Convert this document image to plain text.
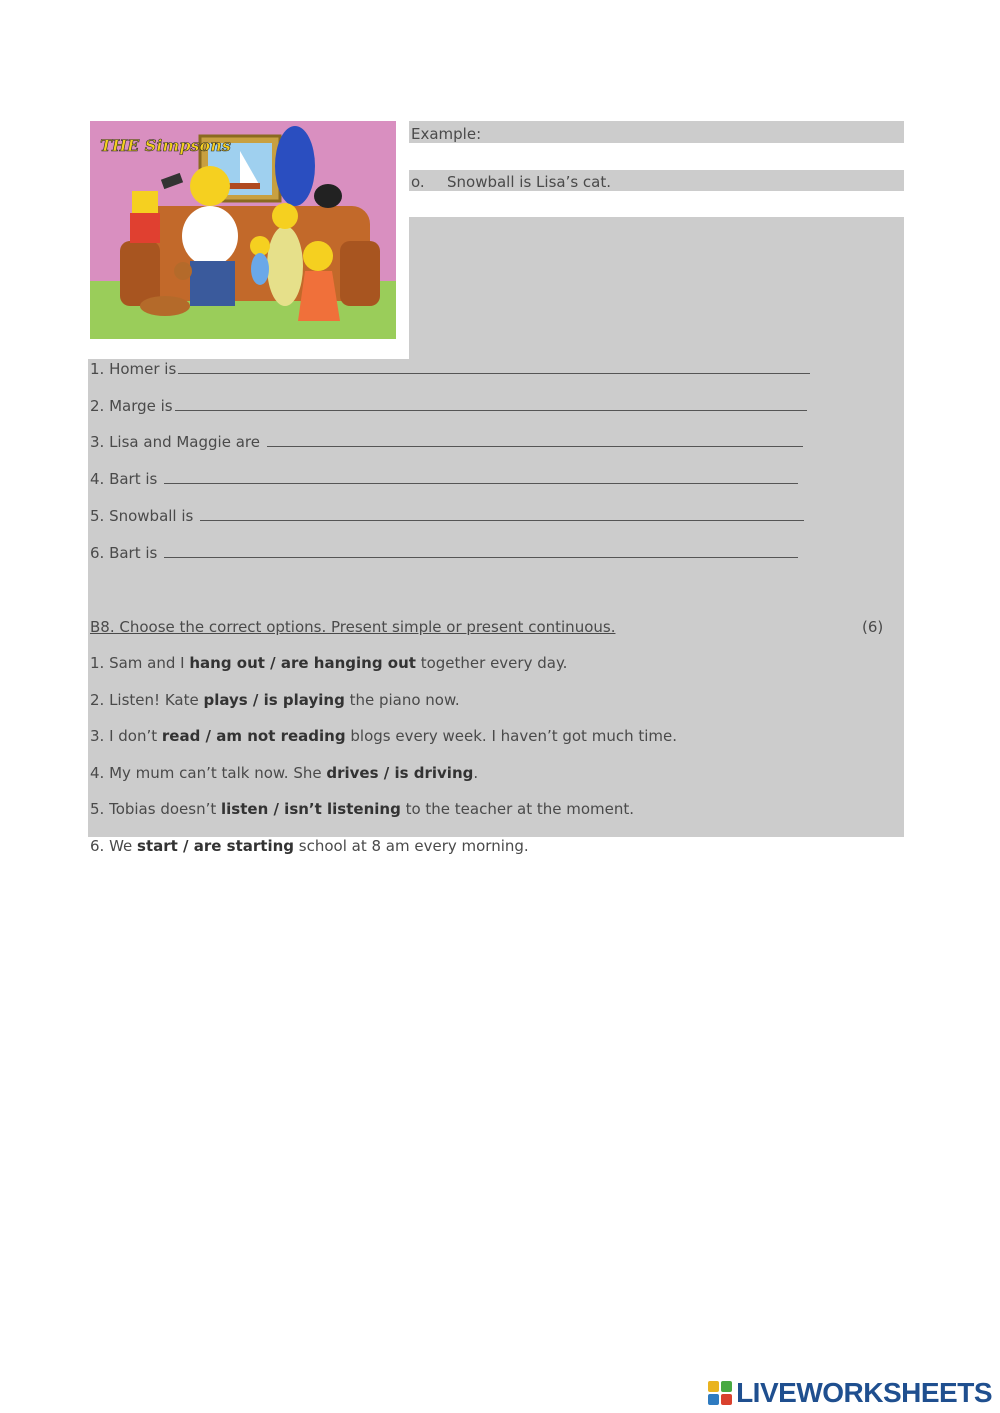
THE Simpsons
Example:
o. Snowball is Lisa’s cat.
1. Homer is
2. Marge is
3. Lisa and Maggie are
4. Bart is
5. Snowball is
6. Bart is
B8. Choose the correct options. Present simple or present continuous.	(6)
1. Sam and I hang out / are hanging out together every day.
2. Listen! Kate plays / is playing the piano now.
3. I don’t read / am not reading blogs every week. I haven’t got much time.
4. My mum can’t talk now. She drives / is driving.
5. Tobias doesn’t listen / isn’t listening to the teacher at the moment.
6. We start / are starting school at 8 am every morning.
LIVEWORKSHEETS
